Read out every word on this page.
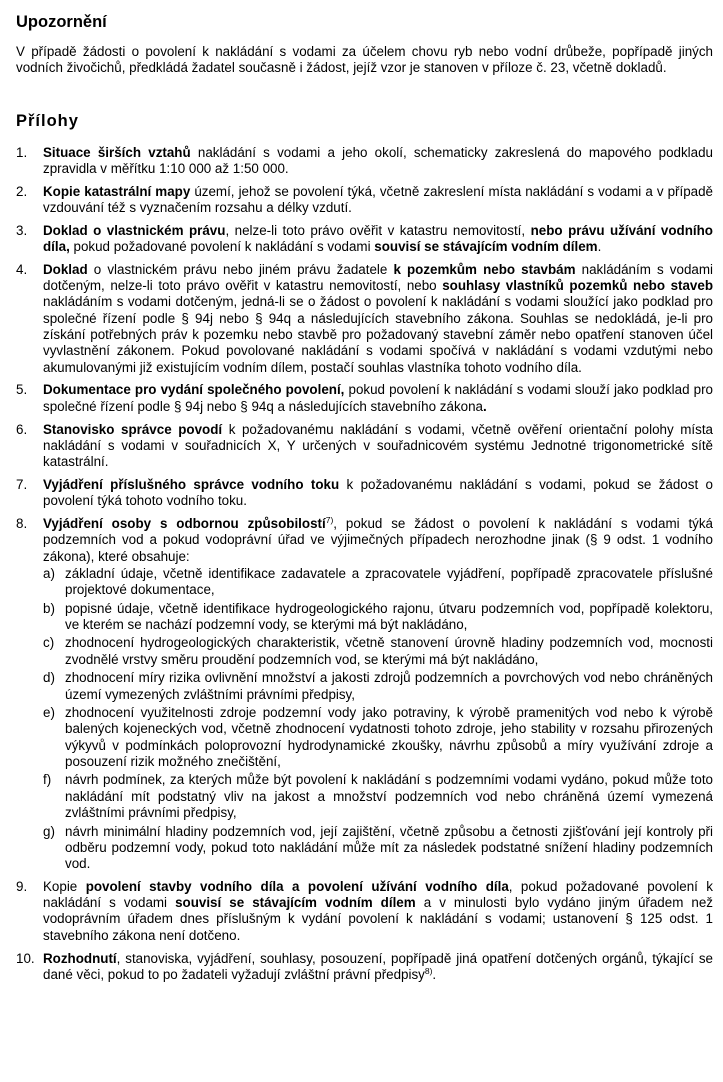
Upozornění

V případě žádosti o povolení k nakládání s vodami za účelem chovu ryb nebo vodní drůbeže, popřípadě jiných vodních živočichů, předkládá žadatel současně i žádost, jejíž vzor je stanoven v příloze č. 23, včetně dokladů.

Přílohy
1. Situace širších vztahů nakládání s vodami a jeho okolí, schematicky zakreslená do mapového podkladu zpravidla v měřítku 1:10 000 až 1:50 000.
2. Kopie katastrální mapy území, jehož se povolení týká, včetně zakreslení místa nakládání s vodami a v případě vzdouvání též s vyznačením rozsahu a délky vzdutí.
3. Doklad o vlastnickém právu, nelze-li toto právo ověřit v katastru nemovitostí, nebo právu užívání vodního díla, pokud požadované povolení k nakládání s vodami souvisí se stávajícím vodním dílem.
4. Doklad o vlastnickém právu nebo jiném právu žadatele k pozemkům nebo stavbám nakládáním s vodami dotčeným, nelze-li toto právo ověřit v katastru nemovitostí, nebo souhlasy vlastníků pozemků nebo staveb nakládáním s vodami dotčeným, jedná-li se o žádost o povolení k nakládání s vodami sloužící jako podklad pro společné řízení podle § 94j nebo § 94q a následujících stavebního zákona. Souhlas se nedokládá, je-li pro získání potřebných práv k pozemku nebo stavbě pro požadovaný stavební záměr nebo opatření stanoven účel vyvlastnění zákonem. Pokud povolované nakládání s vodami spočívá v nakládání s vodami vzdutými nebo akumulovanými již existujícím vodním dílem, postačí souhlas vlastníka tohoto vodního díla.
5. Dokumentace pro vydání společného povolení, pokud povolení k nakládání s vodami slouží jako podklad pro společné řízení podle § 94j nebo § 94q a následujících stavebního zákona.
6. Stanovisko správce povodí k požadovanému nakládání s vodami, včetně ověření orientační polohy místa nakládání s vodami v souřadnicích X, Y určených v souřadnicovém systému Jednotné trigonometrické sítě katastrální.
7. Vyjádření příslušného správce vodního toku k požadovanému nakládání s vodami, pokud se žádost o povolení týká tohoto vodního toku.
8. Vyjádření osoby s odbornou způsobilostí$^{7)}$, pokud se žádost o povolení k nakládání s vodami týká podzemních vod a pokud vodoprávní úřad ve výjimečných případech nerozhodne jinak (§ 9 odst. 1 vodního zákona), které obsahuje:
a) základní údaje, včetně identifikace zadavatele a zpracovatele vyjádření, popřípadě zpracovatele příslušné projektové dokumentace,
b) popisné údaje, včetně identifikace hydrogeologického rajonu, útvaru podzemních vod, popřípadě kolektoru, ve kterém se nachází podzemní vody, se kterými má být nakládáno,
c) zhodnocení hydrogeologických charakteristik, včetně stanovení úrovně hladiny podzemních vod, mocnosti zvodnělé vrstvy směru proudění podzemních vod, se kterými má být nakládáno,
d) zhodnocení míry rizika ovlivnění množství a jakosti zdrojů podzemních a povrchových vod nebo chráněných území vymezených zvláštními právními předpisy,
e) zhodnocení využitelnosti zdroje podzemní vody jako potraviny, k výrobě pramenitých vod nebo k výrobě balených kojeneckých vod, včetně zhodnocení vydatnosti tohoto zdroje, jeho stability v rozsahu přirozených výkyvů v podmínkách poloprovozní hydrodynamické zkoušky, návrhu způsobů a míry využívání zdroje a posouzení rizik možného znečištění,
f) návrh podmínek, za kterých může být povolení k nakládání s podzemními vodami vydáno, pokud může toto nakládání mít podstatný vliv na jakost a množství podzemních vod nebo chráněná území vymezená zvláštními právními předpisy,
g) návrh minimální hladiny podzemních vod, její zajištění, včetně způsobu a četnosti zjišťování její kontroly při odběru podzemní vody, pokud toto nakládání může mít za následek podstatné snížení hladiny podzemních vod.
9. Kopie povolení stavby vodního díla a povolení užívání vodního díla, pokud požadované povolení k nakládání s vodami souvisí se stávajícím vodním dílem a v minulosti bylo vydáno jiným úřadem než vodoprávním úřadem dnes příslušným k vydání povolení k nakládání s vodami; ustanovení § 125 odst. 1 stavebního zákona není dotčeno.
10. Rozhodnutí, stanoviska, vyjádření, souhlasy, posouzení, popřípadě jiná opatření dotčených orgánů, týkající se dané věci, pokud to po žadateli vyžadují zvláštní právní předpisy$^{8)}$.
